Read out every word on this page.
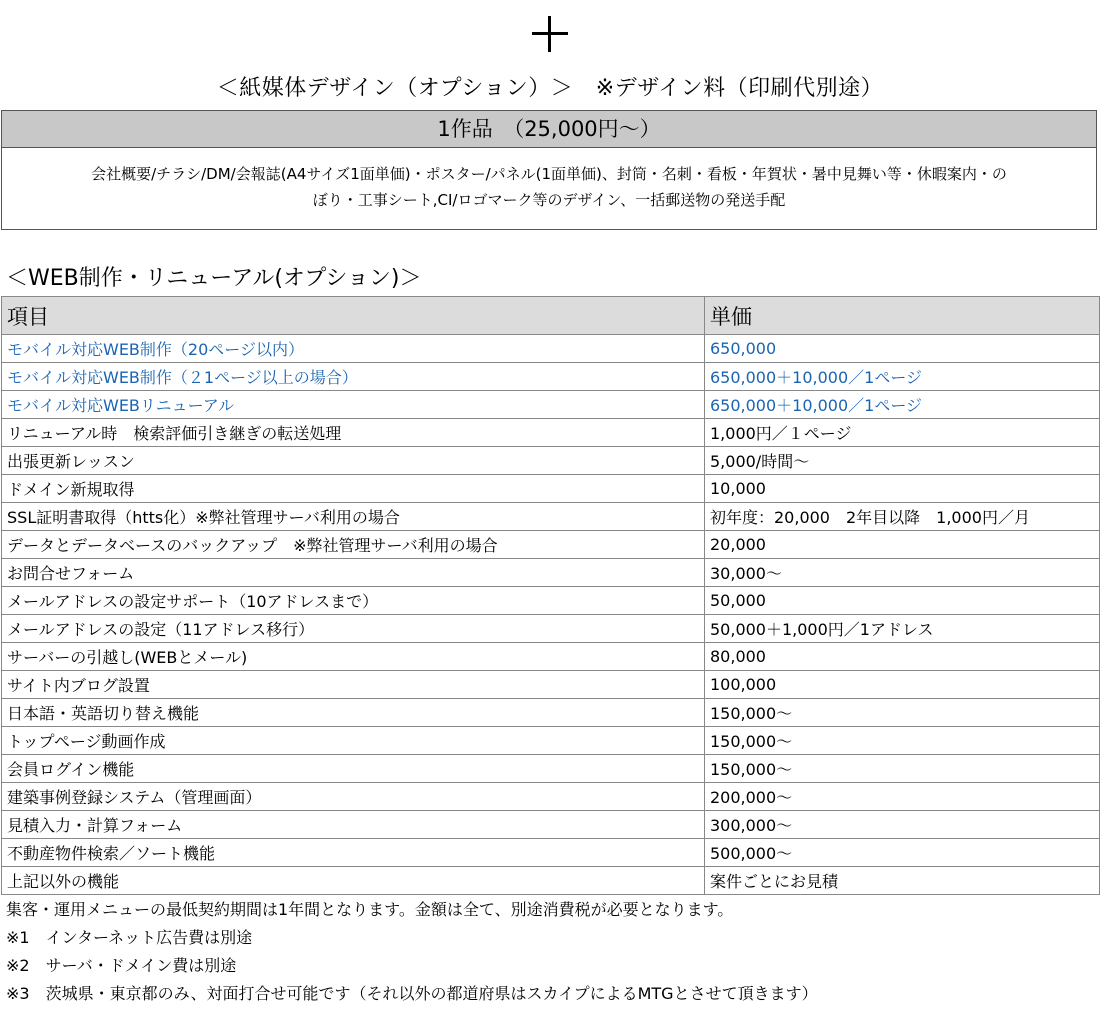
＜紙媒体デザイン（オプション）＞　※デザイン料（印刷代別途）
1作品　（25,000円～）
会社概要/チラシ/DM/会報誌(A4サイズ1面単価)・ポスター/パネル(1面単価)、封筒・名刺・看板・年賀状・暑中見舞い等・休暇案内・の
ぼり・工事シート,CI/ロゴマーク等のデザイン、一括郵送物の発送手配
＜WEB制作・リニューアル(オプション)＞
項目	単価
モバイル対応WEB制作（20ページ以内）	650,000
モバイル対応WEB制作（２1ページ以上の場合）	650,000＋10,000／1ページ
モバイル対応WEBリニューアル	650,000＋10,000／1ページ
リニューアル時　検索評価引き継ぎの転送処理	1,000円／１ページ
出張更新レッスン	5,000/時間～
ドメイン新規取得	10,000
SSL証明書取得（htts化）※弊社管理サーバ利用の場合	初年度：20,000　2年目以降　1,000円／月
データとデータベースのバックアップ　※弊社管理サーバ利用の場合	20,000
お問合せフォーム	30,000～
メールアドレスの設定サポート（10アドレスまで）	50,000
メールアドレスの設定（11アドレス移行）	50,000＋1,000円／1アドレス
サーバーの引越し(WEBとメール)	80,000
サイト内ブログ設置	100,000
日本語・英語切り替え機能	150,000～
トップページ動画作成	150,000～
会員ログイン機能	150,000～
建築事例登録システム（管理画面）	200,000～
見積入力・計算フォーム	300,000～
不動産物件検索／ソート機能	500,000～
上記以外の機能	案件ごとにお見積
集客・運用メニューの最低契約期間は1年間となります。金額は全て、別途消費税が必要となります。
※1　インターネット広告費は別途
※2　サーバ・ドメイン費は別途
※3　茨城県・東京都のみ、対面打合せ可能です（それ以外の都道府県はスカイプによるMTGとさせて頂きます）
